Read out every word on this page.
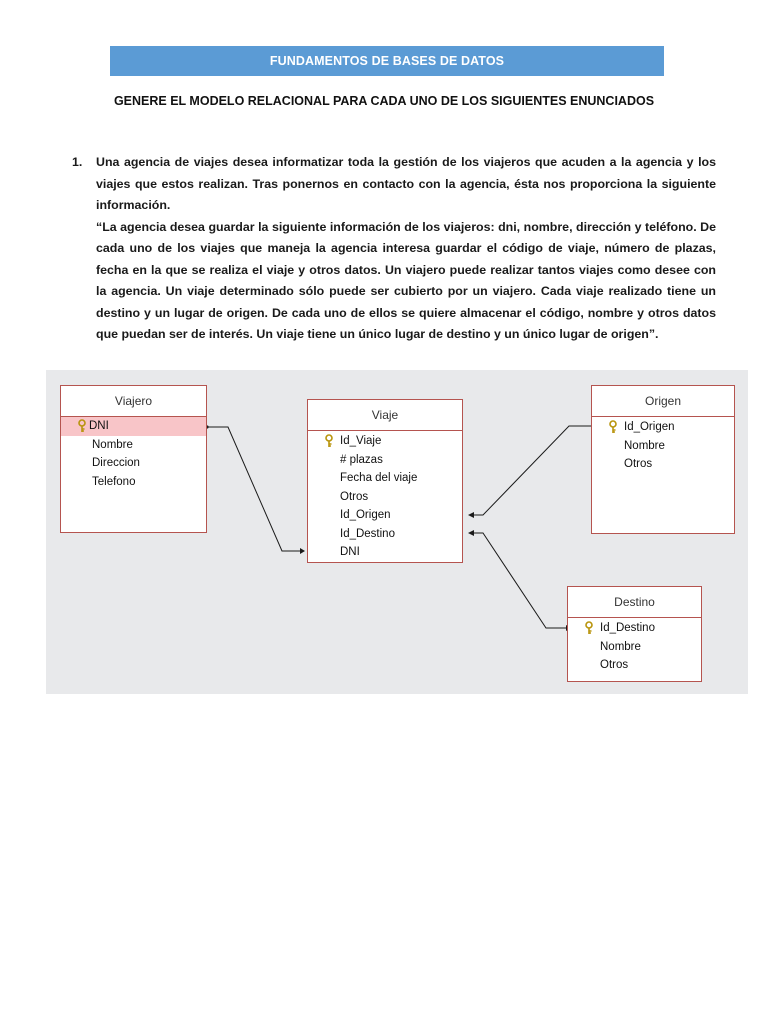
FUNDAMENTOS DE BASES DE DATOS
GENERE EL MODELO RELACIONAL PARA CADA UNO DE LOS SIGUIENTES ENUNCIADOS
1. Una agencia de viajes desea informatizar toda la gestión de los viajeros que acuden a la agencia y los viajes que estos realizan. Tras ponernos en contacto con la agencia, ésta nos proporciona la siguiente información.

“La agencia desea guardar la siguiente información de los viajeros: dni, nombre, dirección y teléfono. De cada uno de los viajes que maneja la agencia interesa guardar el código de viaje, número de plazas, fecha en la que se realiza el viaje y otros datos. Un viajero puede realizar tantos viajes como desee con la agencia. Un viaje determinado sólo puede ser cubierto por un viajero. Cada viaje realizado tiene un destino y un lugar de origen. De cada uno de ellos se quiere almacenar el código, nombre y otros datos que puedan ser de interés. Un viaje tiene un único lugar de destino y un único lugar de origen”.

Viajero
DNI
Nombre
Direccion
Telefono
Viaje
Id_Viaje
# plazas
Fecha del viaje
Otros
Id_Origen
Id_Destino
DNI
Origen
Id_Origen
Nombre
Otros
Destino
Id_Destino
Nombre
Otros
